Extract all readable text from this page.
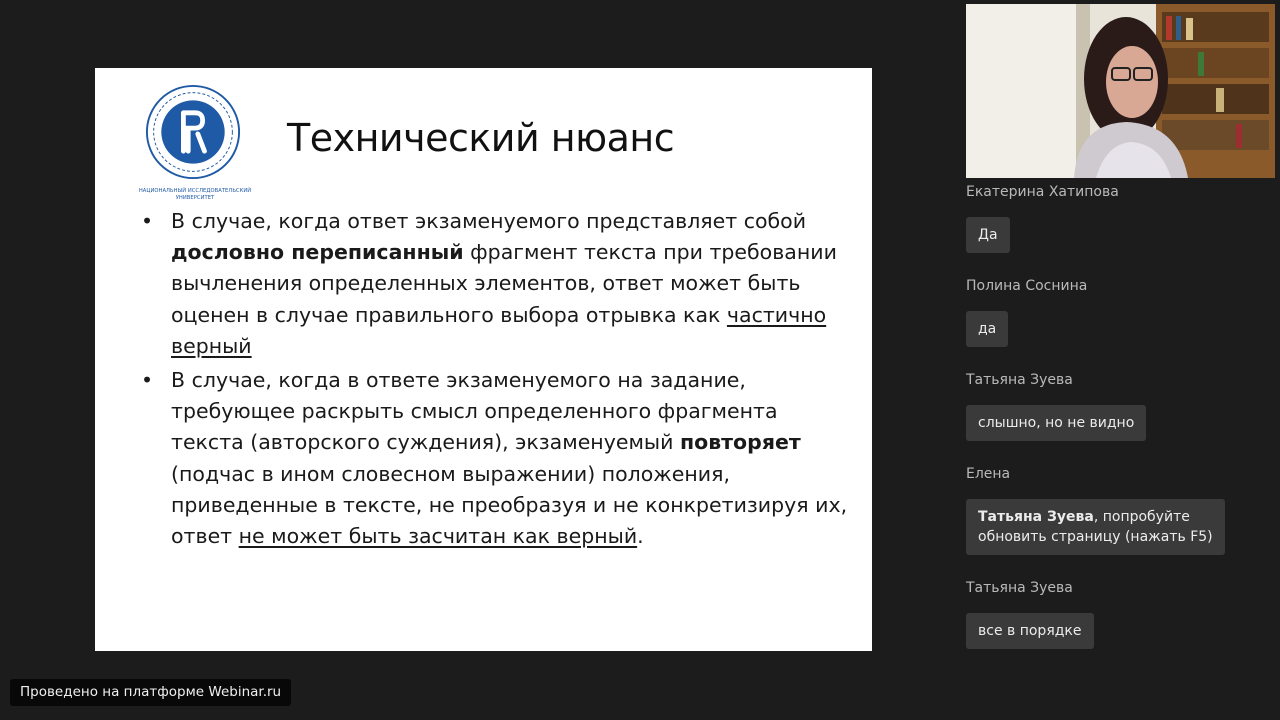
НАЦИОНАЛЬНЫЙ ИССЛЕДОВАТЕЛЬСКИЙ
УНИВЕРСИТЕТ
Технический нюанс
• В случае, когда ответ экзаменуемого представляет собой дословно переписанный фрагмент текста при требовании вычленения определенных элементов, ответ может быть оценен в случае правильного выбора отрывка как частично верный
• В случае, когда в ответе экзаменуемого на задание, требующее раскрыть смысл определенного фрагмента текста (авторского суждения), экзаменуемый повторяет (подчас в ином словесном выражении) положения, приведенные в тексте, не преобразуя и не конкретизируя их, ответ не может быть засчитан как верный.
Екатерина Хатипова
Да
Полина Соснина
да
Татьяна Зуева
слышно, но не видно
Елена
Татьяна Зуева, попробуйте
обновить страницу (нажать F5)
Татьяна Зуева
все в порядке
Проведено на платформе Webinar.ru
